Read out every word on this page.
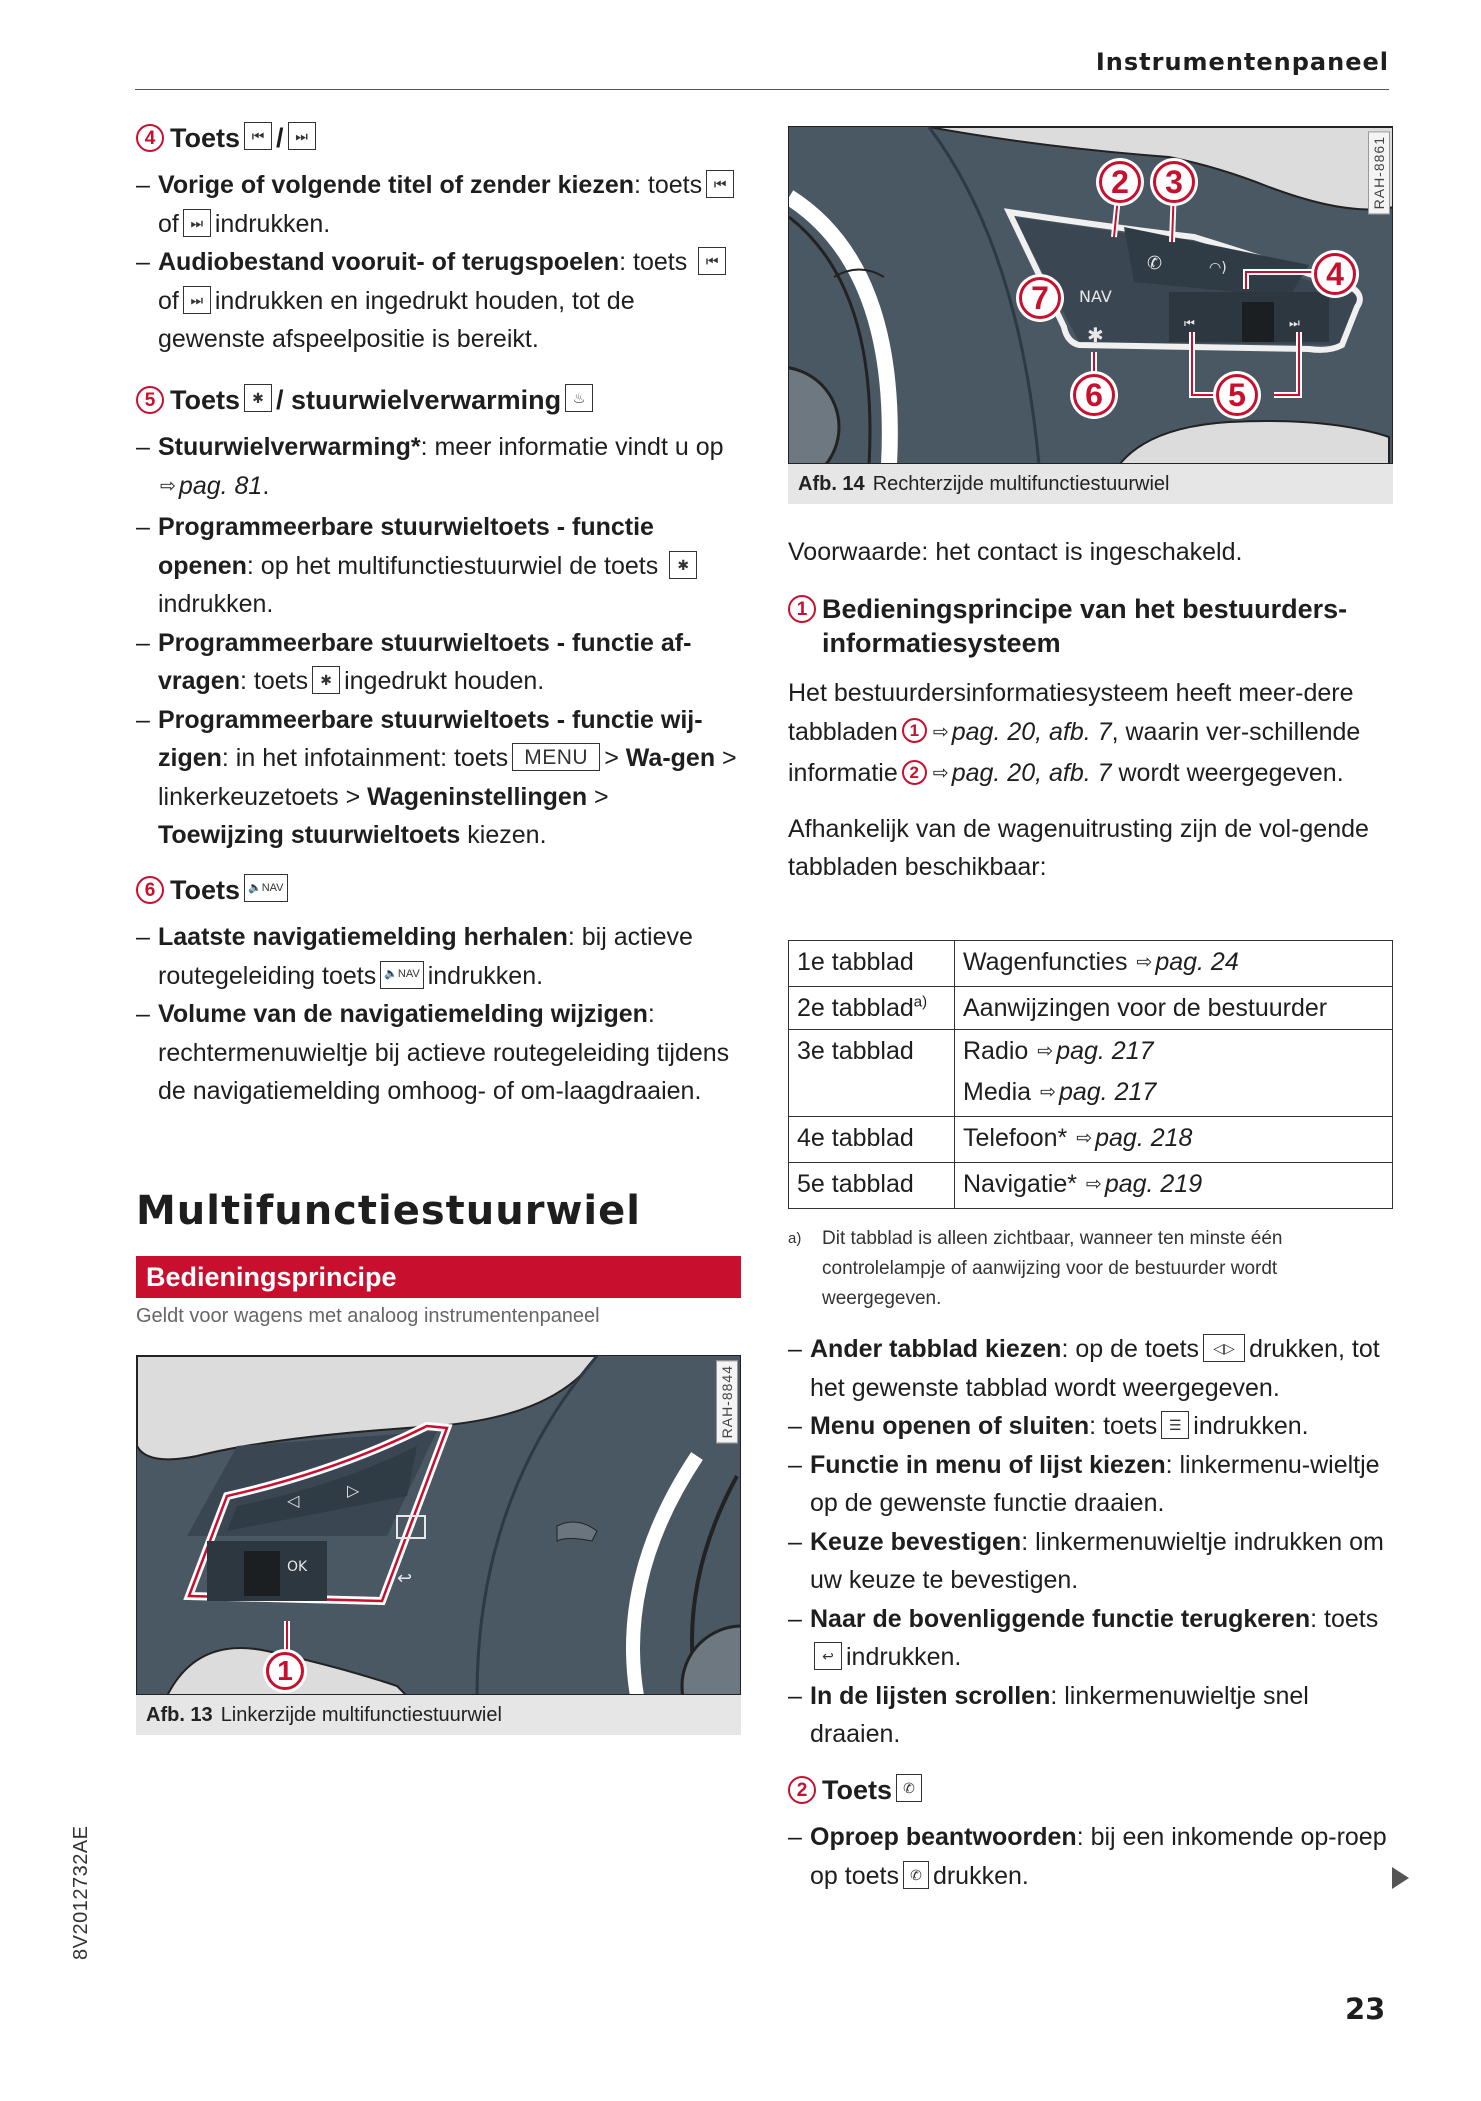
Instrumentenpaneel
4 Toets ⏮ / ⏭
– Vorige of volgende titel of zender kiezen: toets ⏮of ⏭ indrukken.
– Audiobestand vooruit- of terugspoelen: toets ⏮of ⏭ indrukken en ingedrukt houden, tot de gewenste afspeelpositie is bereikt.
5 Toets ✱ / stuurwielverwarming ♨
– Stuurwielverwarming*: meer informatie vindt u op ⇨ pag. 81.
– Programmeerbare stuurwieltoets - functie openen: op het multifunctiestuurwiel de toets ✱indrukken.
– Programmeerbare stuurwieltoets - functie af-vragen: toets ✱ ingedrukt houden.
– Programmeerbare stuurwieltoets - functie wij-zigen: in het infotainment: toets MENU > Wa-gen > linkerkeuzetoets > Wageninstellingen > Toewijzing stuurwieltoets kiezen.
6 Toets 🔈NAV
– Laatste navigatiemelding herhalen: bij actieve routegeleiding toets 🔈NAV indrukken.
– Volume van de navigatiemelding wijzigen: rechtermenuwieltje bij actieve routegeleiding tijdens de navigatiemelding omhoog- of om-laagdraaien.
Multifunctiestuurwiel
Bedieningsprincipe
Geldt voor wagens met analoog instrumentenpaneel
◁
▷
OK
↩
1
RAH-8844
Afb. 13 Linkerzijde multifunctiestuurwiel
✆	◠)
NAV
⏮	⏭
✱
2	3
4
5
6
7
RAH-8861
Afb. 14 Rechterzijde multifunctiestuurwiel
Voorwaarde: het contact is ingeschakeld.
1 Bedieningsprincipe van het bestuurders-informatiesysteem

Het bestuurdersinformatiesysteem heeft meer-dere tabbladen 1 ⇨ pag. 20, afb. 7, waarin ver-schillende informatie 2 ⇨ pag. 20, afb. 7 wordt weergegeven.

Afhankelijk van de wagenuitrusting zijn de vol-gende tabbladen beschikbaar:

1e tabblad	Wagenfuncties ⇨ pag. 24
2e tabblad$^{a)}$	Aanwijzingen voor de bestuurder
3e tabblad	Radio ⇨ pag. 217
Media ⇨ pag. 217

4e tabblad	Telefoon* ⇨ pag. 218
5e tabblad	Navigatie* ⇨ pag. 219
a)	Dit tabblad is alleen zichtbaar, wanneer ten minste één controlelampje of aanwijzing voor de bestuurder wordt weergegeven.
– Ander tabblad kiezen: op de toets ◁▷ drukken, tot het gewenste tabblad wordt weergegeven.
– Menu openen of sluiten: toets ☰ indrukken.
– Functie in menu of lijst kiezen: linkermenu-wieltje op de gewenste functie draaien.
– Keuze bevestigen: linkermenuwieltje indrukken om uw keuze te bevestigen.
– Naar de bovenliggende functie terugkeren: toets↩ indrukken.
– In de lijsten scrollen: linkermenuwieltje snel draaien.
2 Toets ✆
– Oproep beantwoorden: bij een inkomende op-roep op toets ✆ drukken.
23
8V2012732AE
